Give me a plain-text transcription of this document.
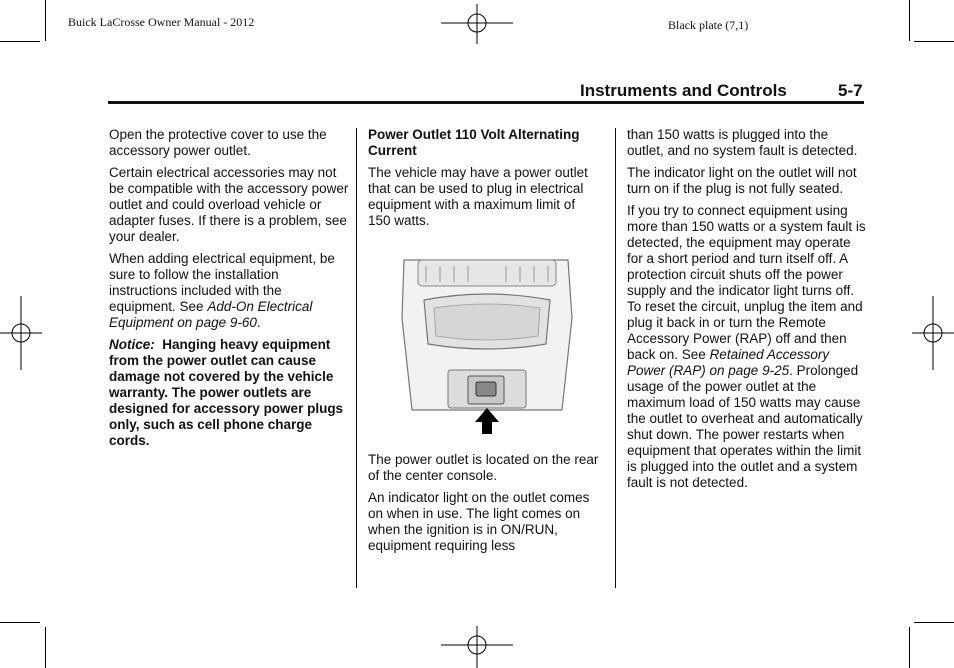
Buick LaCrosse Owner Manual - 2012	Black plate (7,1)
Instruments and Controls	5-7

Open the protective cover to use the accessory power outlet.

Certain electrical accessories may not be compatible with the accessory power outlet and could overload vehicle or adapter fuses. If there is a problem, see your dealer.

When adding electrical equipment, be sure to follow the installation instructions included with the equipment. See Add-On Electrical Equipment on page 9-60.

Notice: Hanging heavy equipment from the power outlet can cause damage not covered by the vehicle warranty. The power outlets are designed for accessory power plugs only, such as cell phone charge cords.

Power Outlet 110 Volt Alternating Current

The vehicle may have a power outlet that can be used to plug in electrical equipment with a maximum limit of 150 watts.

The power outlet is located on the rear of the center console.

An indicator light on the outlet comes on when in use. The light comes on when the ignition is in ON/RUN, equipment requiring less

than 150 watts is plugged into the outlet, and no system fault is detected.

The indicator light on the outlet will not turn on if the plug is not fully seated.

If you try to connect equipment using more than 150 watts or a system fault is detected, the equipment may operate for a short period and turn itself off. A protection circuit shuts off the power supply and the indicator light turns off. To reset the circuit, unplug the item and plug it back in or turn the Remote Accessory Power (RAP) off and then back on. See Retained Accessory Power (RAP) on page 9-25. Prolonged usage of the power outlet at the maximum load of 150 watts may cause the outlet to overheat and automatically shut down. The power restarts when equipment that operates within the limit is plugged into the outlet and a system fault is not detected.
